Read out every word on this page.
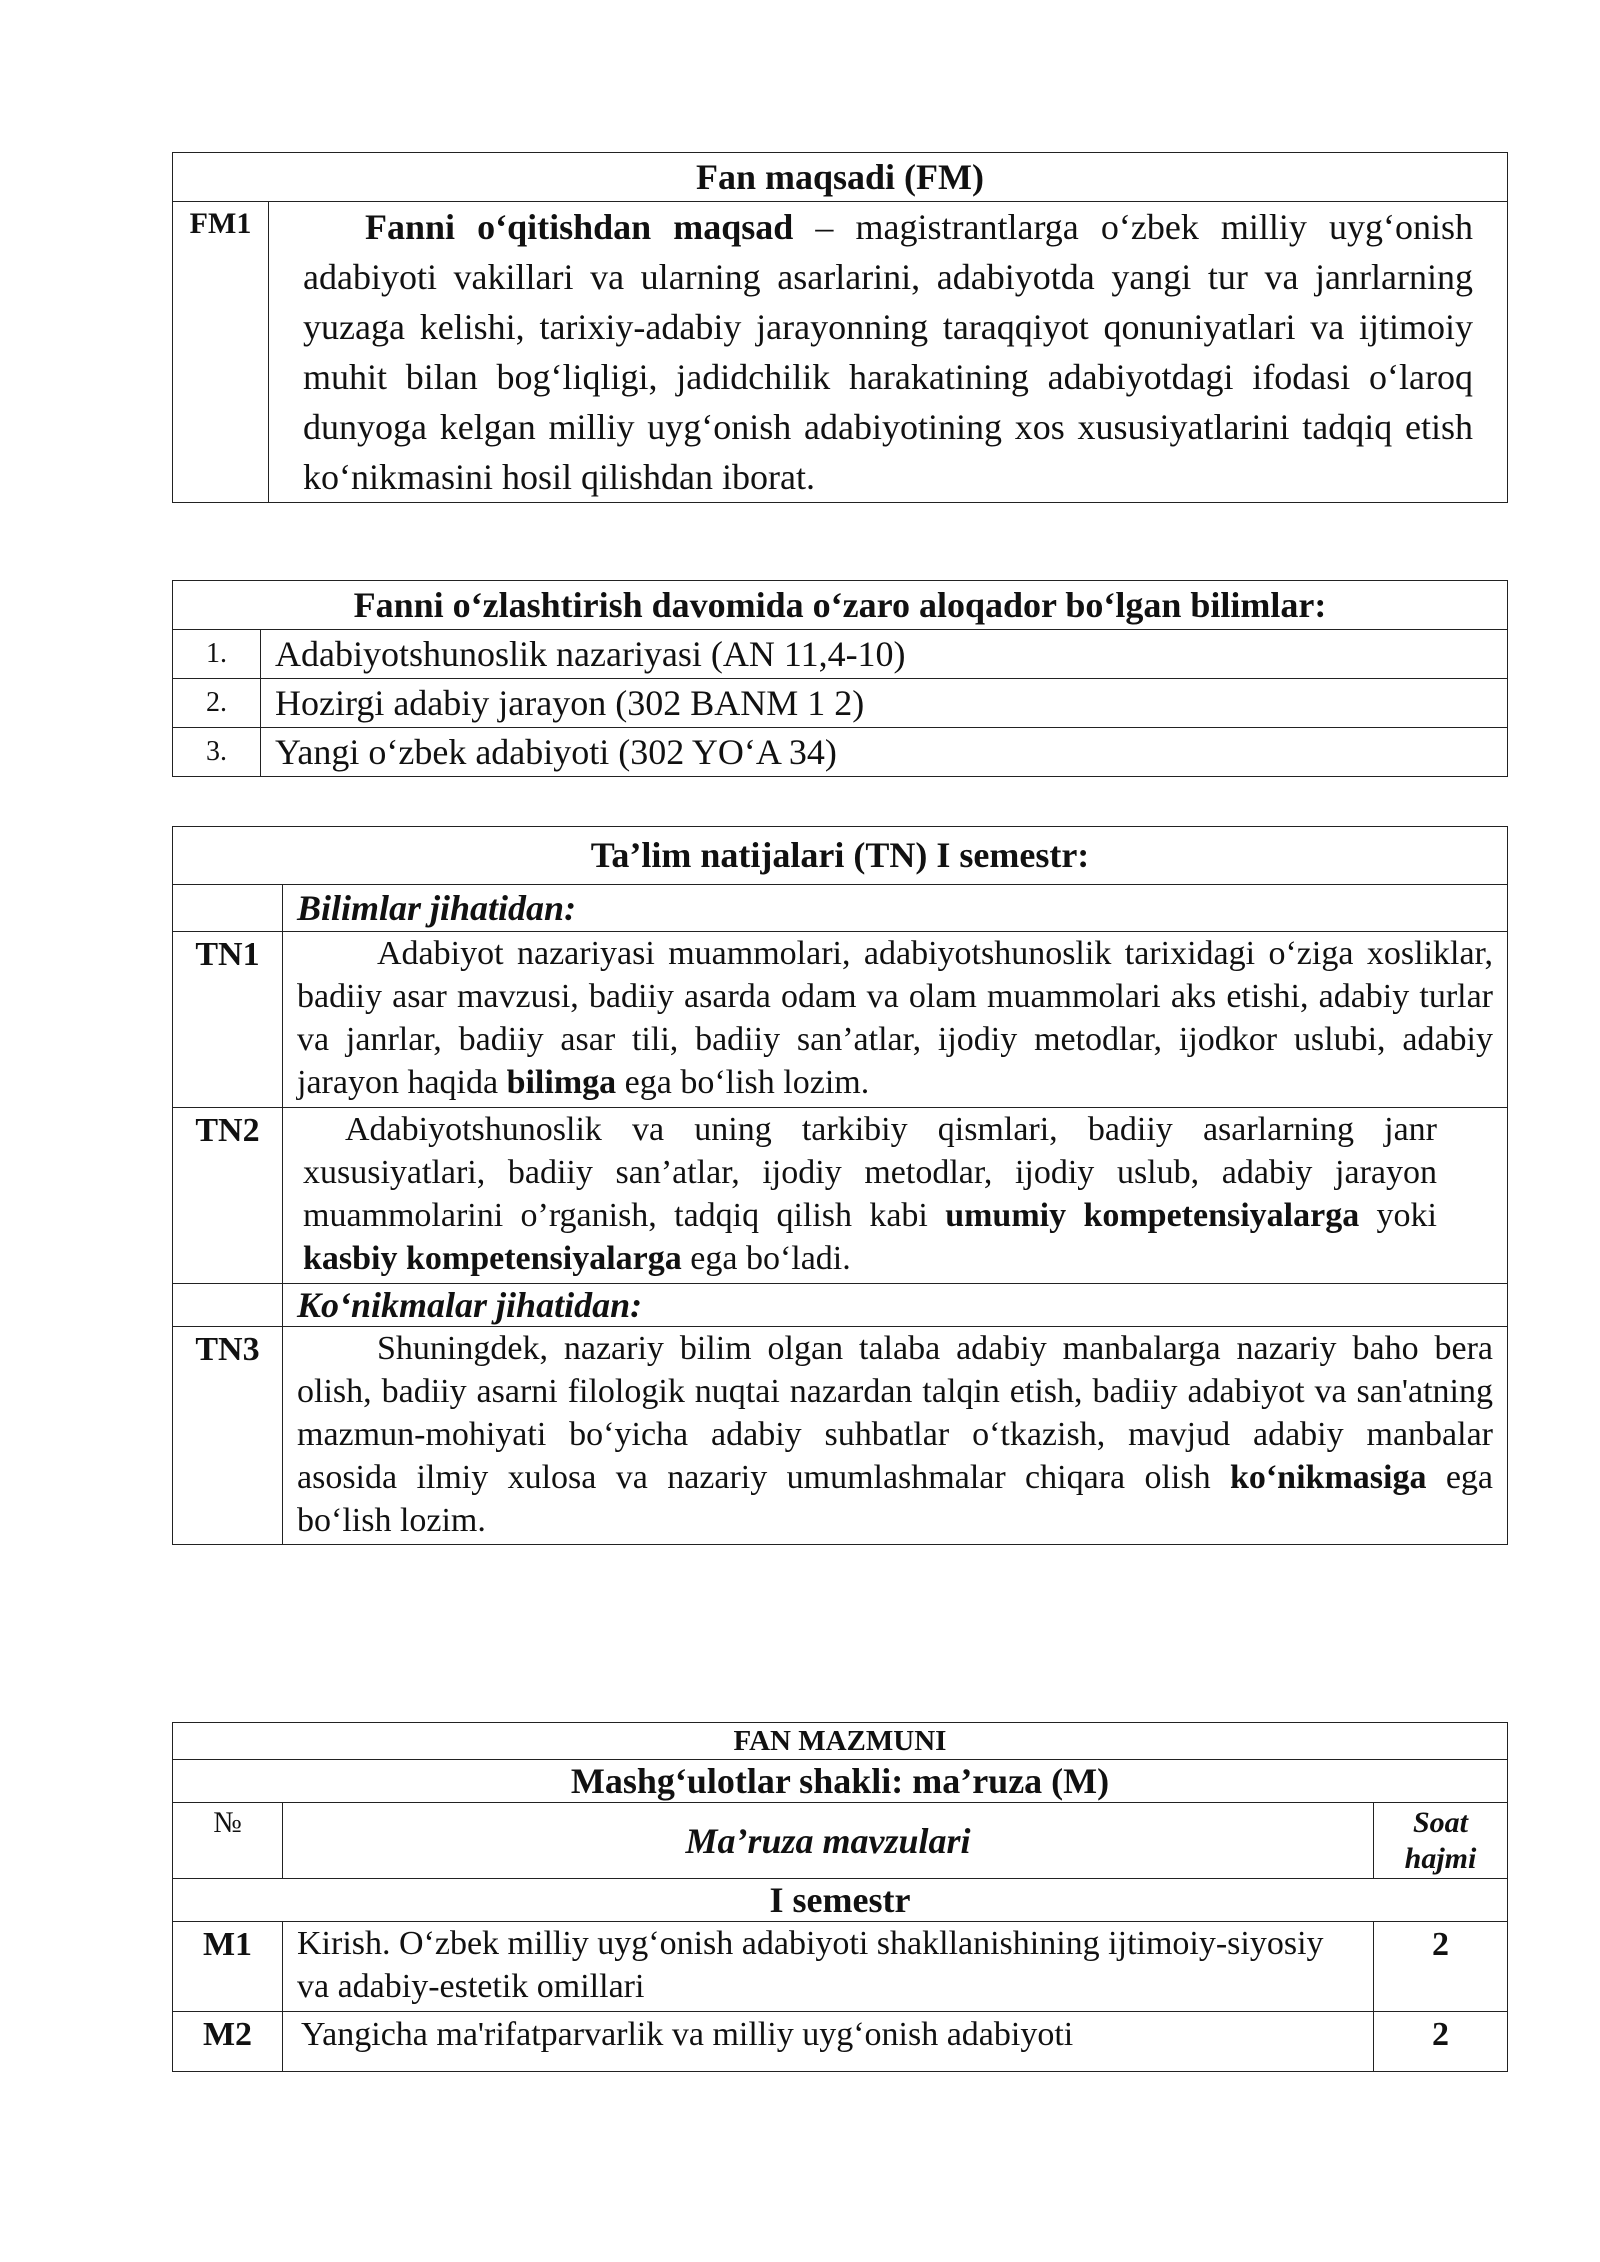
Fan maqsadi (FM)
FM1	Fanni o‘qitishdan maqsad – magistrantlarga o‘zbek milliy uyg‘onish adabiyoti vakillari va ularning asarlarini, adabiyotda yangi tur va janrlarning yuzaga kelishi, tarixiy-adabiy jarayonning taraqqiyot qonuniyatlari va ijtimoiy muhit bilan bog‘liqligi, jadidchilik harakatining adabiyotdagi ifodasi o‘laroq dunyoga kelgan milliy uyg‘onish adabiyotining xos xususiyatlarini tadqiq etish ko‘nikmasini hosil qilishdan iborat.
Fanni o‘zlashtirish davomida o‘zaro aloqador bo‘lgan bilimlar:	
1.	Adabiyotshunoslik nazariyasi (AN 11,4-10)
2.	Hozirgi adabiy jarayon (302 BANM 1 2)
3.	Yangi o‘zbek adabiyoti (302 YO‘A 34)
Ta’lim natijalari (TN) I semestr:	
	Bilimlar jihatidan:
TN1	Adabiyot nazariyasi muammolari, adabiyotshunoslik tarixidagi o‘ziga xosliklar, badiiy asar mavzusi, badiiy asarda odam va olam muammolari aks etishi, adabiy turlar va janrlar, badiiy asar tili, badiiy san’atlar, ijodiy metodlar, ijodkor uslubi, adabiy jarayon haqida bilimga ega bo‘lish lozim.

TN2	Adabiyotshunoslik va uning tarkibiy qismlari, badiiy asarlarning janr xususiyatlari, badiiy san’atlar, ijodiy metodlar, ijodiy uslub, adabiy jarayon muammolarini o’rganish, tadqiq qilish kabi umumiy kompetensiyalarga yoki kasbiy kompetensiyalarga ega bo‘ladi.

	Ko‘nikmalar jihatidan:
TN3	Shuningdek, nazariy bilim olgan talaba adabiy manbalarga nazariy baho bera olish, badiiy asarni filologik nuqtai nazardan talqin etish, badiiy adabiyot va san'atning mazmun-mohiyati bo‘yicha adabiy suhbatlar o‘tkazish, mavjud adabiy manbalar asosida ilmiy xulosa va nazariy umumlashmalar chiqara olish ko‘nikmasiga ega bo‘lish lozim.
FAN MAZMUNI		
Mashg‘ulotlar shakli: ma’ruza (M)		
№	Ma’ruza mavzulari	Soat hajmi
I semestr		
M1	Kirish. O‘zbek milliy uyg‘onish adabiyoti shakllanishining ijtimoiy-siyosiy va adabiy-estetik omillari	2
M2	Yangicha ma'rifatparvarlik va milliy uyg‘onish adabiyoti	2
